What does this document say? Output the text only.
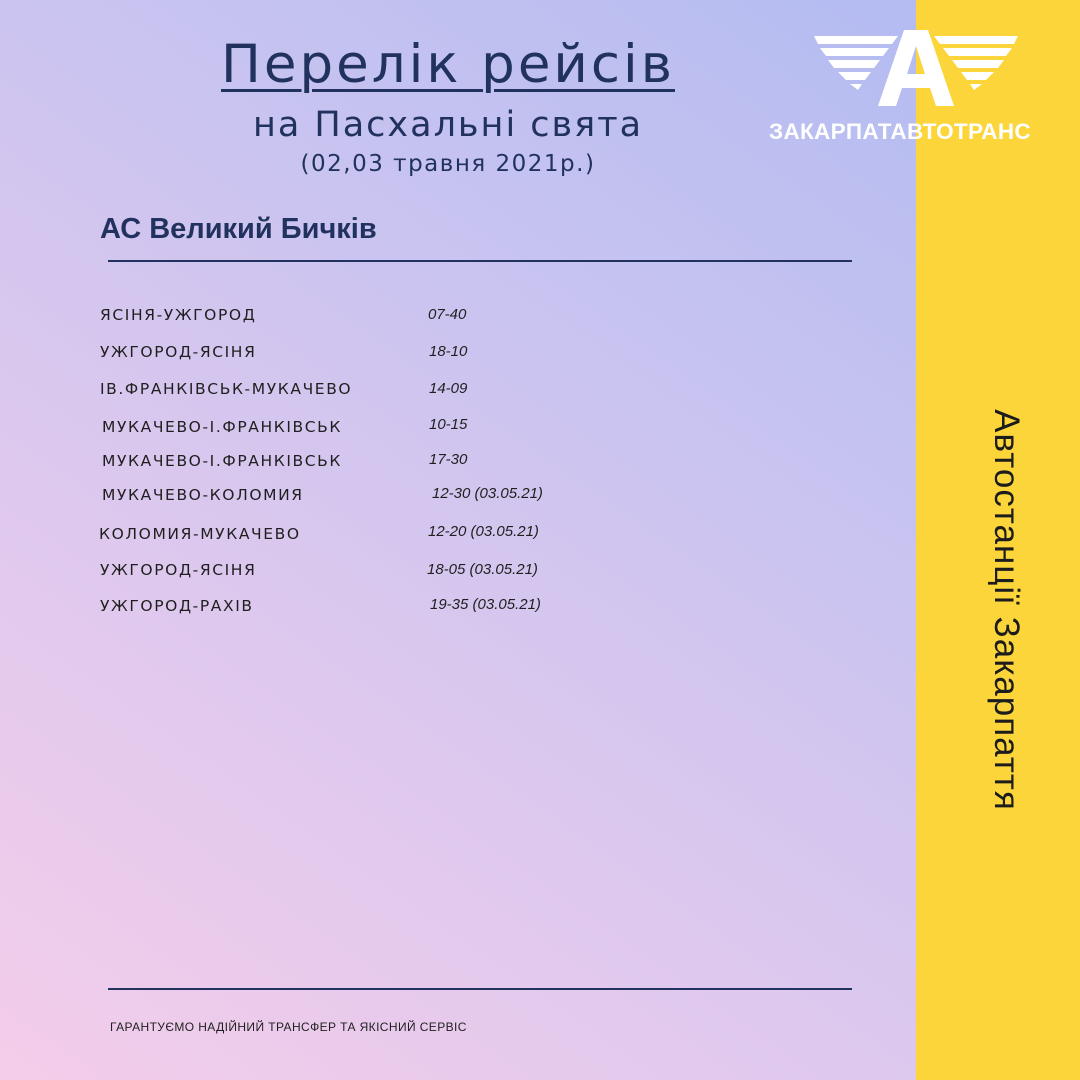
Автостанції Закарпаття
ЗАКАРПАТАВТОТРАНС
Перелік рейсів
на Пасхальні свята
(02,03 травня 2021р.)
АС Великий Бичків
ЯСІНЯ-УЖГОРОД	07-40
УЖГОРОД-ЯСІНЯ	18-10
ІВ.ФРАНКІВСЬК-МУКАЧЕВО	14-09
МУКАЧЕВО-І.ФРАНКІВСЬК	10-15
МУКАЧЕВО-І.ФРАНКІВСЬК	17-30
МУКАЧЕВО-КОЛОМИЯ	12-30 (03.05.21)
КОЛОМИЯ-МУКАЧЕВО	12-20 (03.05.21)
УЖГОРОД-ЯСІНЯ	18-05 (03.05.21)
УЖГОРОД-РАХІВ	19-35 (03.05.21)
ГАРАНТУЄМО НАДІЙНИЙ ТРАНСФЕР ТА ЯКІСНИЙ СЕРВІС
